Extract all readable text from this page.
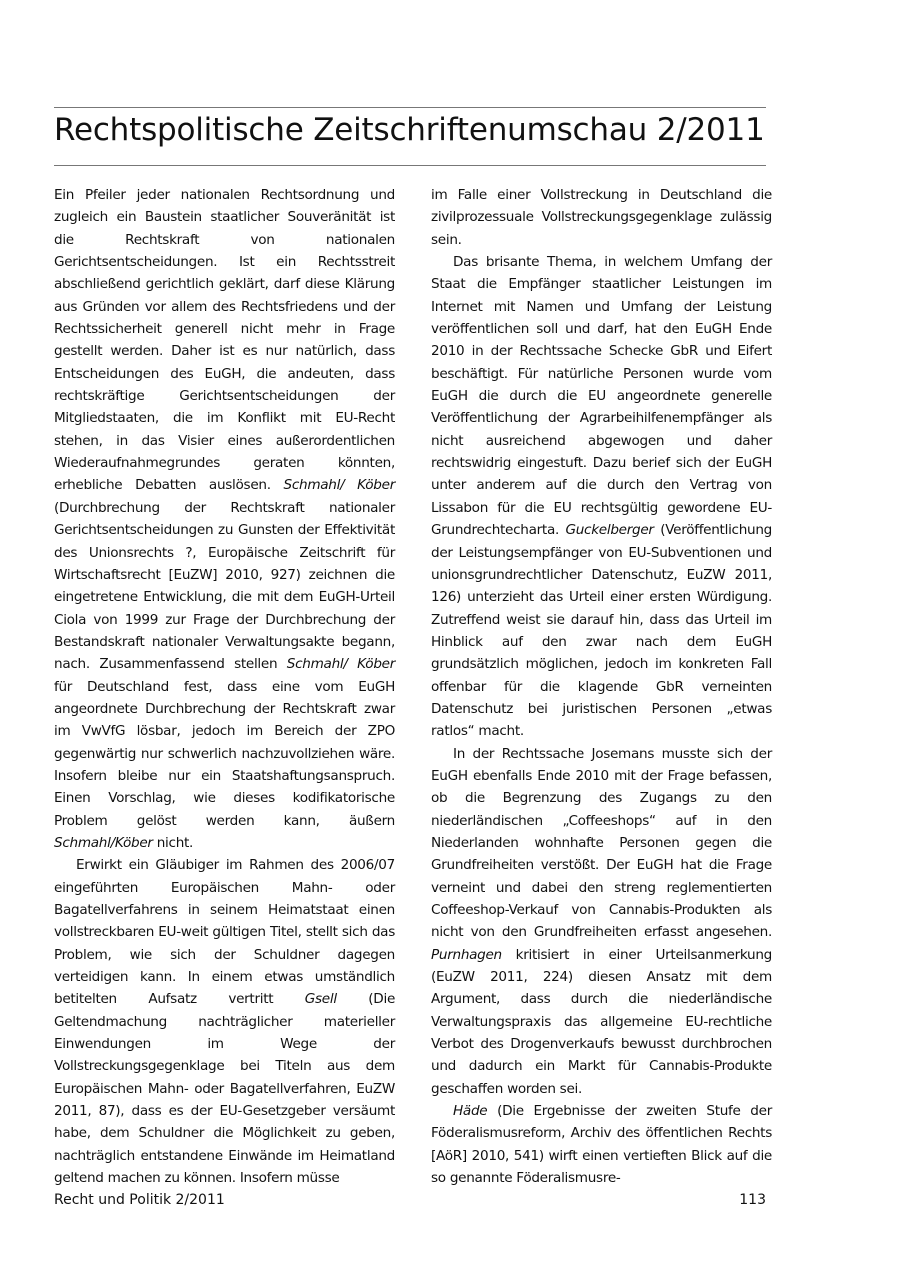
Rechtspolitische Zeitschriftenumschau 2/2011

Ein Pfeiler jeder nationalen Rechtsordnung und zugleich ein Baustein staatlicher Souveränität ist die Rechtskraft von nationalen Gerichtsentscheidungen. Ist ein Rechtsstreit abschließend gerichtlich geklärt, darf diese Klärung aus Gründen vor allem des Rechtsfriedens und der Rechtssicherheit generell nicht mehr in Frage gestellt werden. Daher ist es nur natürlich, dass Entscheidungen des EuGH, die andeuten, dass rechtskräftige Gerichtsentscheidungen der Mitgliedstaaten, die im Konflikt mit EU-Recht stehen, in das Visier eines außerordentlichen Wiederaufnahmegrundes geraten könnten, erhebliche Debatten auslösen. Schmahl/ Köber (Durchbrechung der Rechtskraft nationaler Gerichtsentscheidungen zu Gunsten der Effektivität des Unionsrechts ?, Europäische Zeitschrift für Wirtschaftsrecht [EuZW] 2010, 927) zeichnen die eingetretene Entwicklung, die mit dem EuGH-Urteil Ciola von 1999 zur Frage der Durchbrechung der Bestandskraft nationaler Verwaltungsakte begann, nach. Zusammenfassend stellen Schmahl/ Köber für Deutschland fest, dass eine vom EuGH angeordnete Durchbrechung der Rechtskraft zwar im VwVfG lösbar, jedoch im Bereich der ZPO gegenwärtig nur schwerlich nachzuvollziehen wäre. Insofern bleibe nur ein Staatshaftungsanspruch. Einen Vorschlag, wie dieses kodifikatorische Problem gelöst werden kann, äußern Schmahl/Köber nicht.

Erwirkt ein Gläubiger im Rahmen des 2006/07 eingeführten Europäischen Mahn- oder Bagatellverfahrens in seinem Heimatstaat einen vollstreckbaren EU-weit gültigen Titel, stellt sich das Problem, wie sich der Schuldner dagegen verteidigen kann. In einem etwas umständlich betitelten Aufsatz vertritt Gsell (Die Geltendmachung nachträglicher materieller Einwendungen im Wege der Vollstreckungsgegenklage bei Titeln aus dem Europäischen Mahn- oder Bagatellverfahren, EuZW 2011, 87), dass es der EU-Gesetzgeber versäumt habe, dem Schuldner die Möglichkeit zu geben, nachträglich entstandene Einwände im Heimatland geltend machen zu können. Insofern müsse

im Falle einer Vollstreckung in Deutschland die zivilprozessuale Vollstreckungsgegenklage zulässig sein.

Das brisante Thema, in welchem Umfang der Staat die Empfänger staatlicher Leistungen im Internet mit Namen und Umfang der Leistung veröffentlichen soll und darf, hat den EuGH Ende 2010 in der Rechtssache Schecke GbR und Eifert beschäftigt. Für natürliche Personen wurde vom EuGH die durch die EU angeordnete generelle Veröffentlichung der Agrarbeihilfenempfänger als nicht ausreichend abgewogen und daher rechtswidrig eingestuft. Dazu berief sich der EuGH unter anderem auf die durch den Vertrag von Lissabon für die EU rechtsgültig gewordene EU-Grundrechtecharta. Guckelberger (Veröffentlichung der Leistungsempfänger von EU-Subventionen und unionsgrundrechtlicher Datenschutz, EuZW 2011, 126) unterzieht das Urteil einer ersten Würdigung. Zutreffend weist sie darauf hin, dass das Urteil im Hinblick auf den zwar nach dem EuGH grundsätzlich möglichen, jedoch im konkreten Fall offenbar für die klagende GbR verneinten Datenschutz bei juristischen Personen „etwas ratlos“ macht.

In der Rechtssache Josemans musste sich der EuGH ebenfalls Ende 2010 mit der Frage befassen, ob die Begrenzung des Zugangs zu den niederländischen „Coffeeshops“ auf in den Niederlanden wohnhafte Personen gegen die Grundfreiheiten verstößt. Der EuGH hat die Frage verneint und dabei den streng reglementierten Coffeeshop-Verkauf von Cannabis-Produkten als nicht von den Grundfreiheiten erfasst angesehen. Purnhagen kritisiert in einer Urteilsanmerkung (EuZW 2011, 224) diesen Ansatz mit dem Argument, dass durch die niederländische Verwaltungspraxis das allgemeine EU-rechtliche Verbot des Drogenverkaufs bewusst durchbrochen und dadurch ein Markt für Cannabis-Produkte geschaffen worden sei.

Häde (Die Ergebnisse der zweiten Stufe der Föderalismusreform, Archiv des öffentlichen Rechts [AöR] 2010, 541) wirft einen vertieften Blick auf die so genannte Föderalismusre-

Recht und Politik 2/2011	113
